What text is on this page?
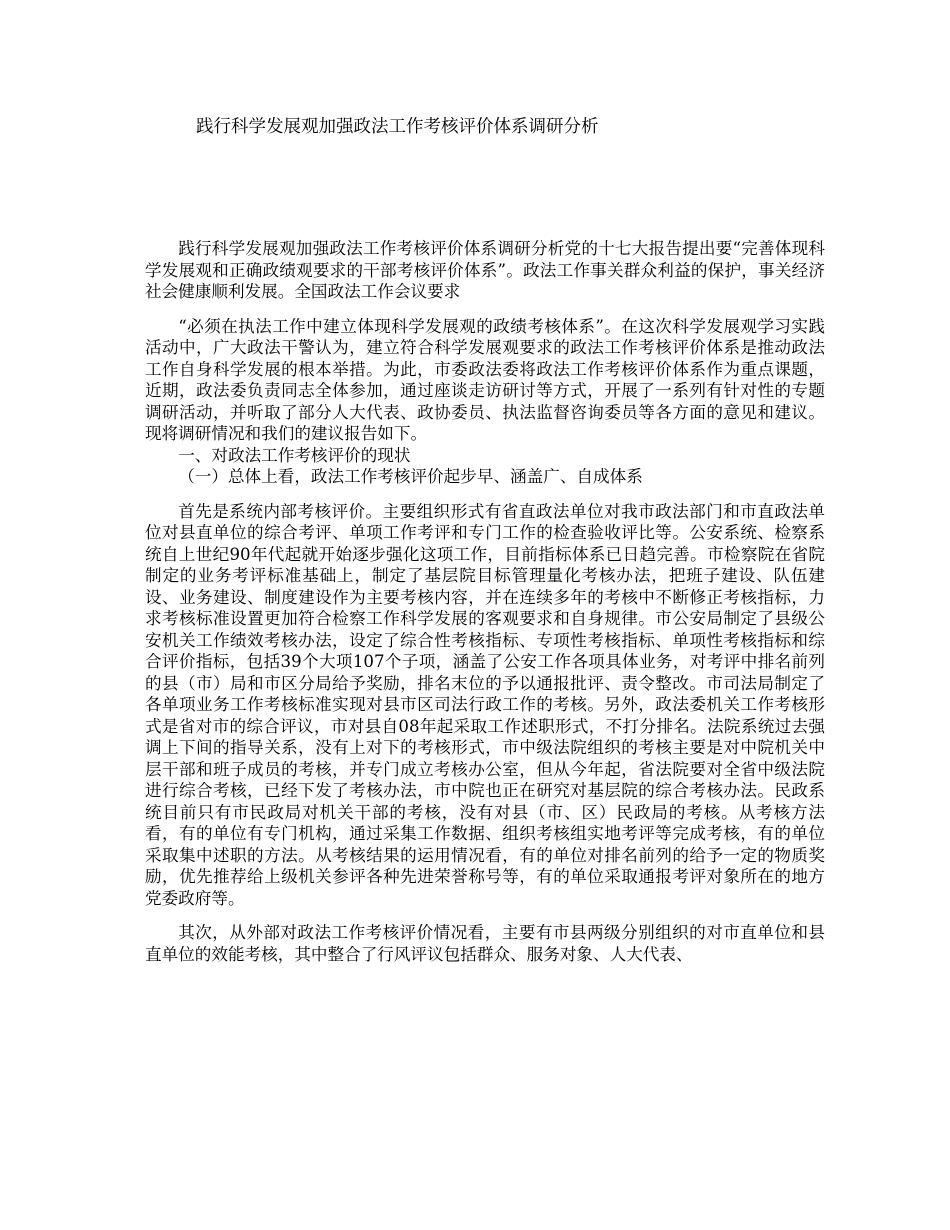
践行科学发展观加强政法工作考核评价体系调研分析

践行科学发展观加强政法工作考核评价体系调研分析党的十七大报告提出要“完善体现科学发展观和正确政绩观要求的干部考核评价体系”。政法工作事关群众利益的保护，事关经济社会健康顺利发展。全国政法工作会议要求

“必须在执法工作中建立体现科学发展观的政绩考核体系”。在这次科学发展观学习实践活动中，广大政法干警认为，建立符合科学发展观要求的政法工作考核评价体系是推动政法工作自身科学发展的根本举措。为此，市委政法委将政法工作考核评价体系作为重点课题，近期，政法委负责同志全体参加，通过座谈走访研讨等方式，开展了一系列有针对性的专题调研活动，并听取了部分人大代表、政协委员、执法监督咨询委员等各方面的意见和建议。现将调研情况和我们的建议报告如下。

一、对政法工作考核评价的现状

（一）总体上看，政法工作考核评价起步早、涵盖广、自成体系

首先是系统内部考核评价。主要组织形式有省直政法单位对我市政法部门和市直政法单位对县直单位的综合考评、单项工作考评和专门工作的检查验收评比等。公安系统、检察系统自上世纪90年代起就开始逐步强化这项工作，目前指标体系已日趋完善。市检察院在省院制定的业务考评标准基础上，制定了基层院目标管理量化考核办法，把班子建设、队伍建设、业务建设、制度建设作为主要考核内容，并在连续多年的考核中不断修正考核指标，力求考核标准设置更加符合检察工作科学发展的客观要求和自身规律。市公安局制定了县级公安机关工作绩效考核办法，设定了综合性考核指标、专项性考核指标、单项性考核指标和综合评价指标，包括39个大项107个子项，涵盖了公安工作各项具体业务，对考评中排名前列的县（市）局和市区分局给予奖励，排名末位的予以通报批评、责令整改。市司法局制定了各单项业务工作考核标准实现对县市区司法行政工作的考核。另外，政法委机关工作考核形式是省对市的综合评议，市对县自08年起采取工作述职形式，不打分排名。法院系统过去强调上下间的指导关系，没有上对下的考核形式，市中级法院组织的考核主要是对中院机关中层干部和班子成员的考核，并专门成立考核办公室，但从今年起，省法院要对全省中级法院进行综合考核，已经下发了考核办法，市中院也正在研究对基层院的综合考核办法。民政系统目前只有市民政局对机关干部的考核，没有对县（市、区）民政局的考核。从考核方法看，有的单位有专门机构，通过采集工作数据、组织考核组实地考评等完成考核，有的单位采取集中述职的方法。从考核结果的运用情况看，有的单位对排名前列的给予一定的物质奖励，优先推荐给上级机关参评各种先进荣誉称号等，有的单位采取通报考评对象所在的地方党委政府等。

其次，从外部对政法工作考核评价情况看，主要有市县两级分别组织的对市直单位和县直单位的效能考核，其中整合了行风评议包括群众、服务对象、人大代表、
